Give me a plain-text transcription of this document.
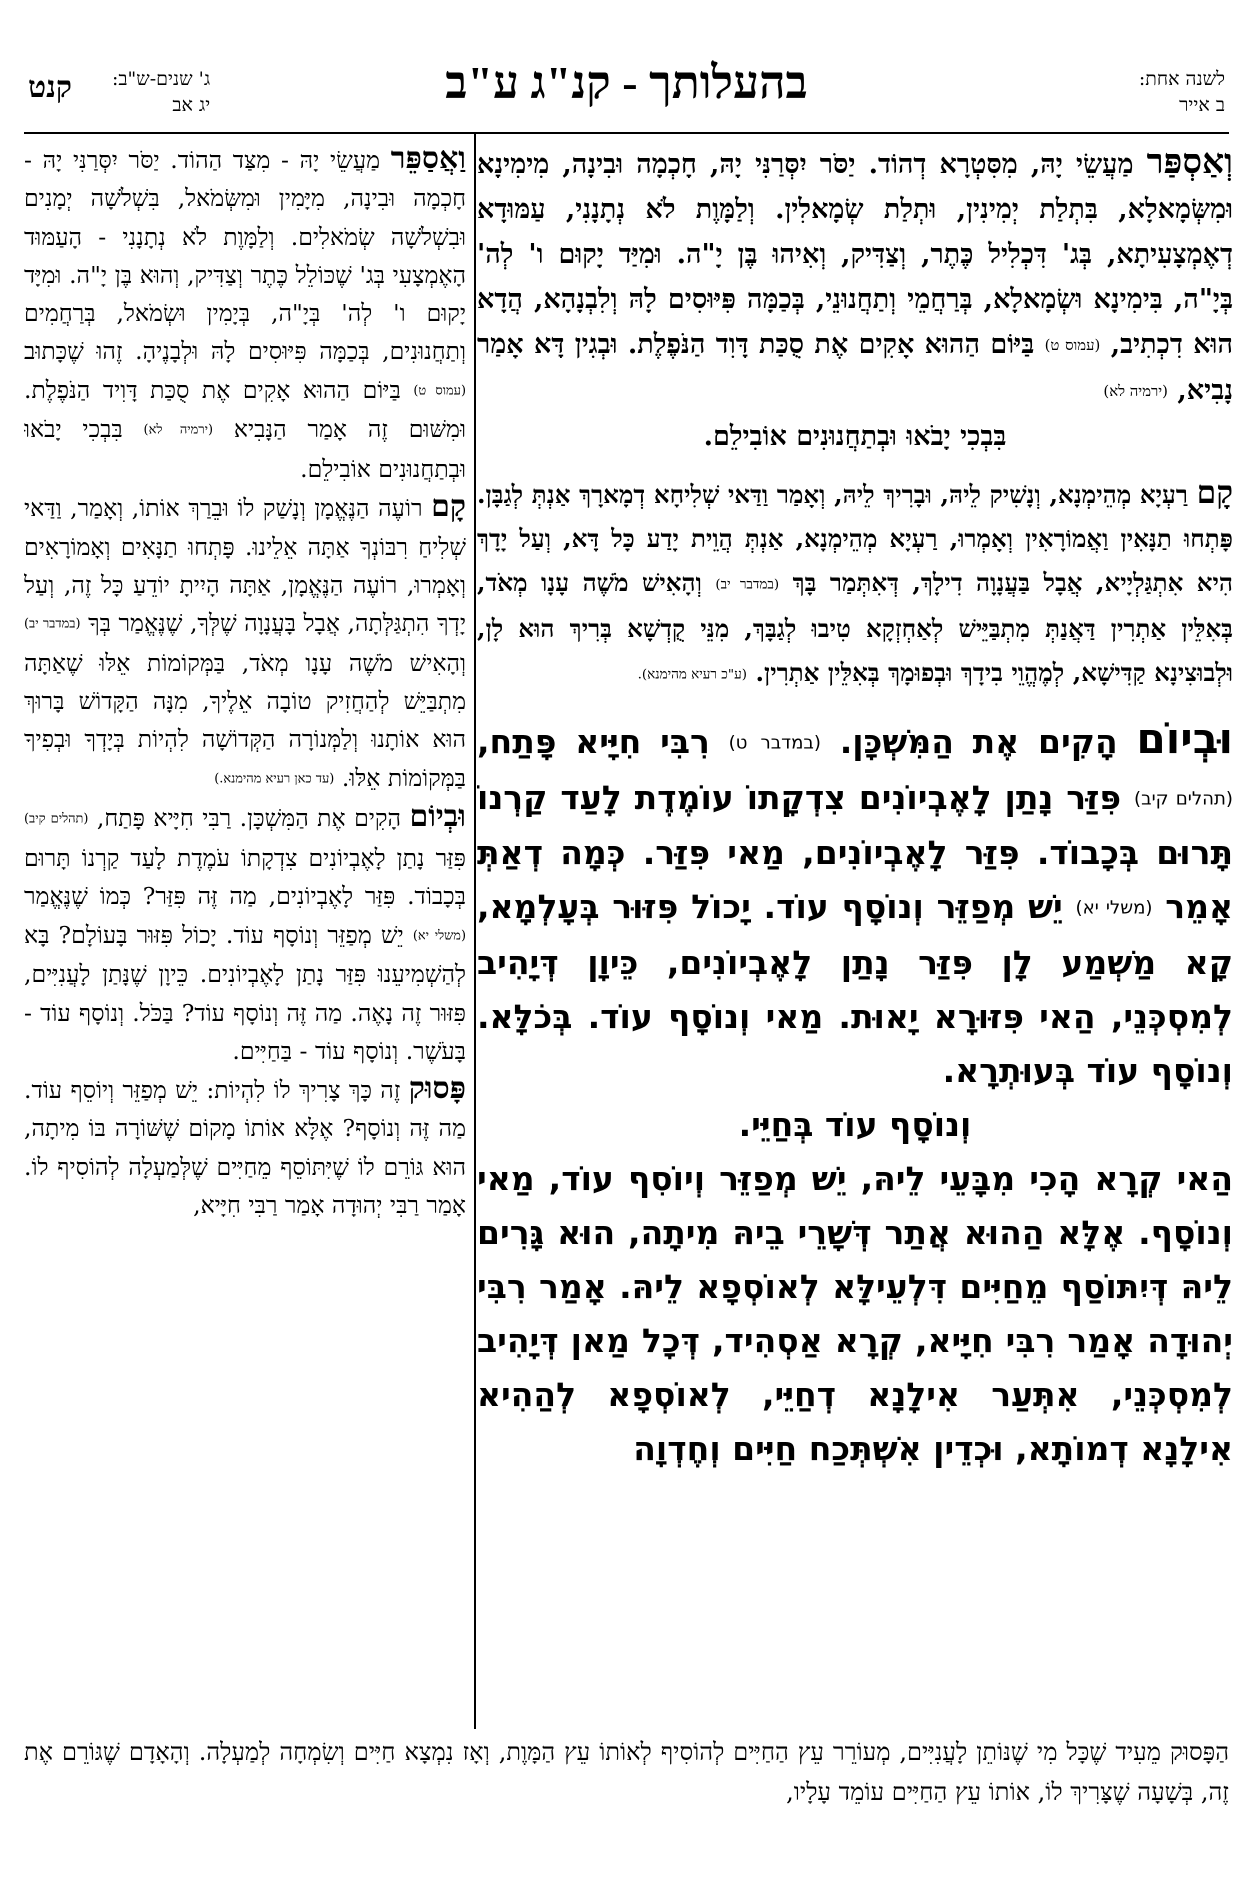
לשנה אחת:
ב אייר
בהעלותך - קנ"ג ע"ב
ג' שנים-ש"ב:
יג אב
קנט
וְאַסְפַּר מַעֲשֵׂי יָהּ, מִסִּטְרָא דְהוֹד. יַסֹּר יִסְּרַנִּי יָהּ, חָכְמָה וּבִינָה, מִימִינָא וּמִשְּׂמָאלָא, בִּתְלַת יְמִינִין, וּתְלַת שְׂמָאלִין. וְלַמָּוֶת לֹא נְתָנָנִי, עַמּוּדָא דְאֶמְצָעִיתָא, בְּג' דִּכְלִיל כֶּתֶר, וְצַדִּיק, וְאִיהוּ בֶּן יָ"ה. וּמִיַּד יָקוּם ו' לְה' בְּיָ"ה, בִּימִינָא וּשְׂמָאלָא, בְּרַחֲמֵי וְתַחֲנוּנֵי, בְּכַמָּה פִּיּוּסִים לָהּ וְלִבְנָהָא, הֲדָא הוּא דִכְתִיב, (עמוס ט) בַּיּוֹם הַהוּא אָקִים אֶת סֻכַּת דָּוִד הַנֹּפֶלֶת. וּבְגִין דָּא אָמַר נָבִיא, (ירמיה לא)
בִּבְכִי יָבֹאוּ וּבְתַחֲנוּנִים אוֹבִילֵם.
קָם רַעְיָא מְהֵימְנָא, וְנָשִׁיק לֵיהּ, וּבָרִיךְ לֵיהּ, וְאָמַר וַדַּאי שְׁלִיחָא דְמָארָךְ אַנְתְּ לְגַבָּן. פָּתְחוּ תַנָּאִין וַאֲמוֹרָאִין וְאָמְרוּ, רַעְיָא מְהֵימְנָא, אַנְתְּ הֲוֵית יָדַע כָּל דָּא, וְעַל יָדָךְ הִיא אִתְגַּלְיָיא, אֲבָל בַּעֲנָוָה דִילָךְ, דְּאִתְּמַר בָּךְ (במדבר יב) וְהָאִישׁ מֹשֶׁה עָנָו מְאֹד, בְּאִלֵּין אַתְרִין דַּאֲנַתְּ מִתְבַּיֵּישׁ לְאַחְזְקָא טִיבוּ לְגַבָּךְ, מִנֵּי קֻדְשָׁא בְּרִיךְ הוּא לָן, וּלְבוּצִינָא קַדִּישָׁא, לְמֶהֱוֵי בִידָךְ וּבְפוּמָךְ בְּאִלֵּין אַתְרִין. (ע"כ רעיא מהימנא).
וּבְיוֹם הָקִים אֶת הַמִּשְׁכָּן. (במדבר ט) רִבִּי חִיָּיא פָּתַח, (תהלים קיב) פִּזַּר נָתַן לָאֶבְיוֹנִים צִדְקָתוֹ עוֹמֶדֶת לָעַד קַרְנוֹ תָּרוּם בְּכָבוֹד. פִּזַּר לָאֶבְיוֹנִים, מַאי פִּזַּר. כְּמָה דְאַתְּ אָמֵר (משלי יא) יֵשׁ מְפַזֵּר וְנוֹסָף עוֹד. יָכוֹל פִּזּוּר בְּעָלְמָא, קָא מַשְׁמַע לָן פִּזַּר נָתַן לָאֶבְיוֹנִים, כֵּיוָן דְּיָהִיב לְמִסְכְּנֵי, הַאי פִּזּוּרָא יָאוּת. מַאי וְנוֹסָף עוֹד. בְּכֹלָּא. וְנוֹסָף עוֹד בְּעוּתְרָא.
וְנוֹסָף עוֹד בְּחַיֵּי.
הַאי קְרָא הָכִי מִבָּעֵי לֵיהּ, יֵשׁ מְפַזֵּר וְיוֹסִף עוֹד, מַאי וְנוֹסָף. אֶלָּא הַהוּא אֲתַר דְּשָׁרֵי בֵיהּ מִיתָה, הוּא גָּרִים לֵיהּ דְּיִתּוֹסַף מֵחַיִּים דִּלְעֵילָּא לְאוֹסְפָא לֵיהּ. אָמַר רִבִּי יְהוּדָה אָמַר רִבִּי חִיָּיא, קְרָא אַסְהִיד, דְּכָל מַאן דְּיָהִיב לְמִסְכְּנֵי, אִתְּעַר אִילָנָא דְחַיֵּי, לְאוֹסְפָא לְהַהִיא אִילָנָא דְמוֹתָא, וּכְדֵין אִשְׁתְּכַח חַיִּים וְחֶדְוָה
וַאֲסַפֵּר מַעֲשֵׂי יָהּ - מִצַּד הַהוֹד. יַסֹּר יִסְּרַנִּי יָהּ - חָכְמָה וּבִינָה, מִיָּמִין וּמִשְּׂמֹאל, בִּשְׁלֹשָׁה יְמָנִים וּבִשְׁלֹשָׁה שְׂמֹאלִים. וְלַמָּוֶת לֹא נְתָנָנִי - הָעַמּוּד הָאֶמְצָעִי בְּג' שֶׁכּוֹלֵל כֶּתֶר וְצַדִּיק, וְהוּא בֶּן יָ"ה. וּמִיָּד יָקוּם ו' לְה' בְּיָ"ה, בְּיָמִין וּשְׂמֹאל, בְּרַחֲמִים וְתַחֲנוּנִים, בְּכַמָּה פִּיּוּסִים לָהּ וּלְבָנֶיהָ. זֶהוּ שֶׁכָּתוּב (עמוס ט) בַּיּוֹם הַהוּא אָקִים אֶת סֻכַּת דָּוִיד הַנֹּפֶלֶת. וּמִשּׁוּם זֶה אָמַר הַנָּבִיא (ירמיה לא) בִּבְכִי יָבֹאוּ וּבְתַחֲנוּנִים אוֹבִילֵם.
קָם רוֹעֶה הַנֶּאֱמָן וְנָשַׁק לוֹ וּבֵרַךְ אוֹתוֹ, וְאָמַר, וַדַּאי שְׁלִיחַ רִבּוֹנְךָ אַתָּה אֵלֵינוּ. פָּתְחוּ תַנָּאִים וְאָמוֹרָאִים וְאָמְרוּ, רוֹעֶה הַנֶּאֱמָן, אַתָּה הָיִיתָ יוֹדֵעַ כָּל זֶה, וְעַל יָדְךָ הִתְגַּלְּתָה, אֲבָל בָּעֲנָוָה שֶׁלְּךָ, שֶׁנֶּאֱמַר בְּךָ (במדבר יב) וְהָאִישׁ מֹשֶׁה עָנָו מְאֹד, בַּמְּקוֹמוֹת אֵלּוּ שֶׁאַתָּה מִתְבַּיֵּשׁ לְהַחֲזִיק טוֹבָה אֵלֶיךָ, מִנָּה הַקָּדוֹשׁ בָּרוּךְ הוּא אוֹתָנוּ וְלַמְּנוֹרָה הַקְּדוֹשָׁה לִהְיוֹת בְּיָדְךָ וּבְפִיךָ בַּמְּקוֹמוֹת אֵלּוּ. (עד כאן רעיא מהימנא.)
וּבְיוֹם הָקִים אֶת הַמִּשְׁכָּן. רַבִּי חִיָּיא פָּתַח, (תהלים קיב) פִּזַּר נָתַן לָאֶבְיוֹנִים צִדְקָתוֹ עֹמֶדֶת לָעַד קַרְנוֹ תָּרוּם בְּכָבוֹד. פִּזַּר לָאֶבְיוֹנִים, מַה זֶּה פִּזַּר? כְּמוֹ שֶׁנֶּאֱמַר (משלי יא) יֵשׁ מְפַזֵּר וְנוֹסָף עוֹד. יָכוֹל פִּזּוּר בָּעוֹלָם? בָּא לְהַשְׁמִיעֵנוּ פִּזַּר נָתַן לָאֶבְיוֹנִים. כֵּיוָן שֶׁנָּתַן לָעֲנִיִּים, פִּזּוּר זֶה נָאֶה. מַה זֶּה וְנוֹסָף עוֹד? בַּכֹּל. וְנוֹסָף עוֹד - בָּעֹשֶׁר. וְנוֹסָף עוֹד - בַּחַיִּים.
פָּסוּק זֶה כָּךְ צָרִיךְ לוֹ לִהְיוֹת: יֵשׁ מְפַזֵּר וְיוֹסֵף עוֹד. מַה זֶּה וְנוֹסָף? אֶלָּא אוֹתוֹ מָקוֹם שֶׁשּׁוֹרָה בּוֹ מִיתָה, הוּא גּוֹרֵם לוֹ שֶׁיִּתּוֹסֵף מֵחַיִּים שֶׁלְּמַעְלָה לְהוֹסִיף לוֹ. אָמַר רַבִּי יְהוּדָה אָמַר רַבִּי חִיָּיא,
הַפָּסוּק מֵעִיד שֶׁכָּל מִי שֶׁנּוֹתֵן לָעֲנִיִּים, מְעוֹרֵר עֵץ הַחַיִּים לְהוֹסִיף לְאוֹתוֹ עֵץ הַמָּוֶת, וְאָז נִמְצָא חַיִּים וְשִׂמְחָה לְמַעְלָה. וְהָאָדָם שֶׁגּוֹרֵם אֶת זֶה, בְּשָׁעָה שֶׁצָּרִיךְ לוֹ, אוֹתוֹ עֵץ הַחַיִּים עוֹמֵד עָלָיו,
